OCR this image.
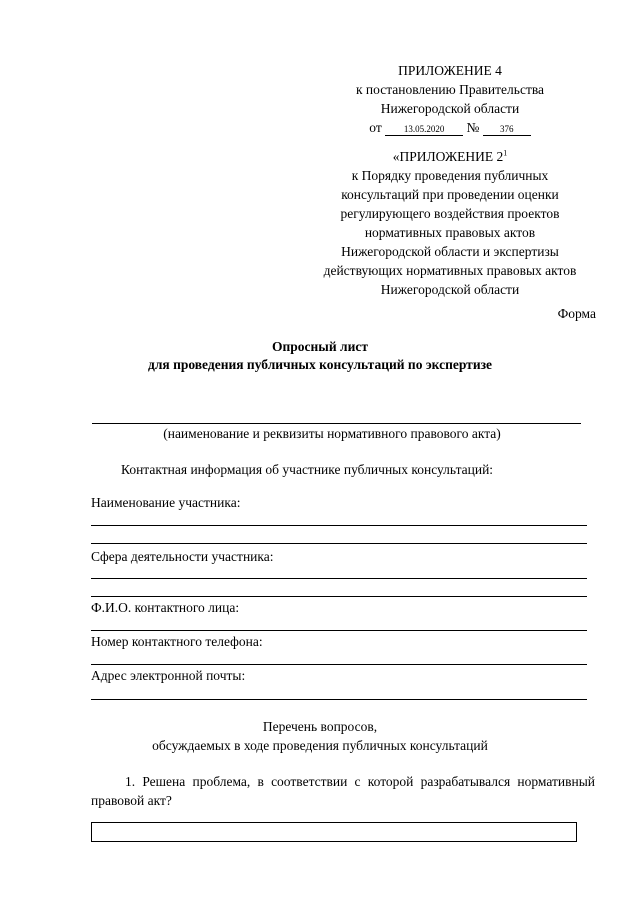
ПРИЛОЖЕНИЕ 4
к постановлению Правительства
Нижегородской области
от 13.05.2020 № 376
«ПРИЛОЖЕНИЕ $2^1$
к Порядку проведения публичных
консультаций при проведении оценки
регулирующего воздействия проектов
нормативных правовых актов
Нижегородской области и экспертизы
действующих нормативных правовых актов
Нижегородской области
Форма
Опросный лист
для проведения публичных консультаций по экспертизе
(наименование и реквизиты нормативного правового акта)
Контактная информация об участнике публичных консультаций:
Наименование участника:
Сфера деятельности участника:
Ф.И.О. контактного лица:
Номер контактного телефона:
Адрес электронной почты:
Перечень вопросов,
обсуждаемых в ходе проведения публичных консультаций
1. Решена проблема, в соответствии с которой разрабатывался нормативный правовой акт?
